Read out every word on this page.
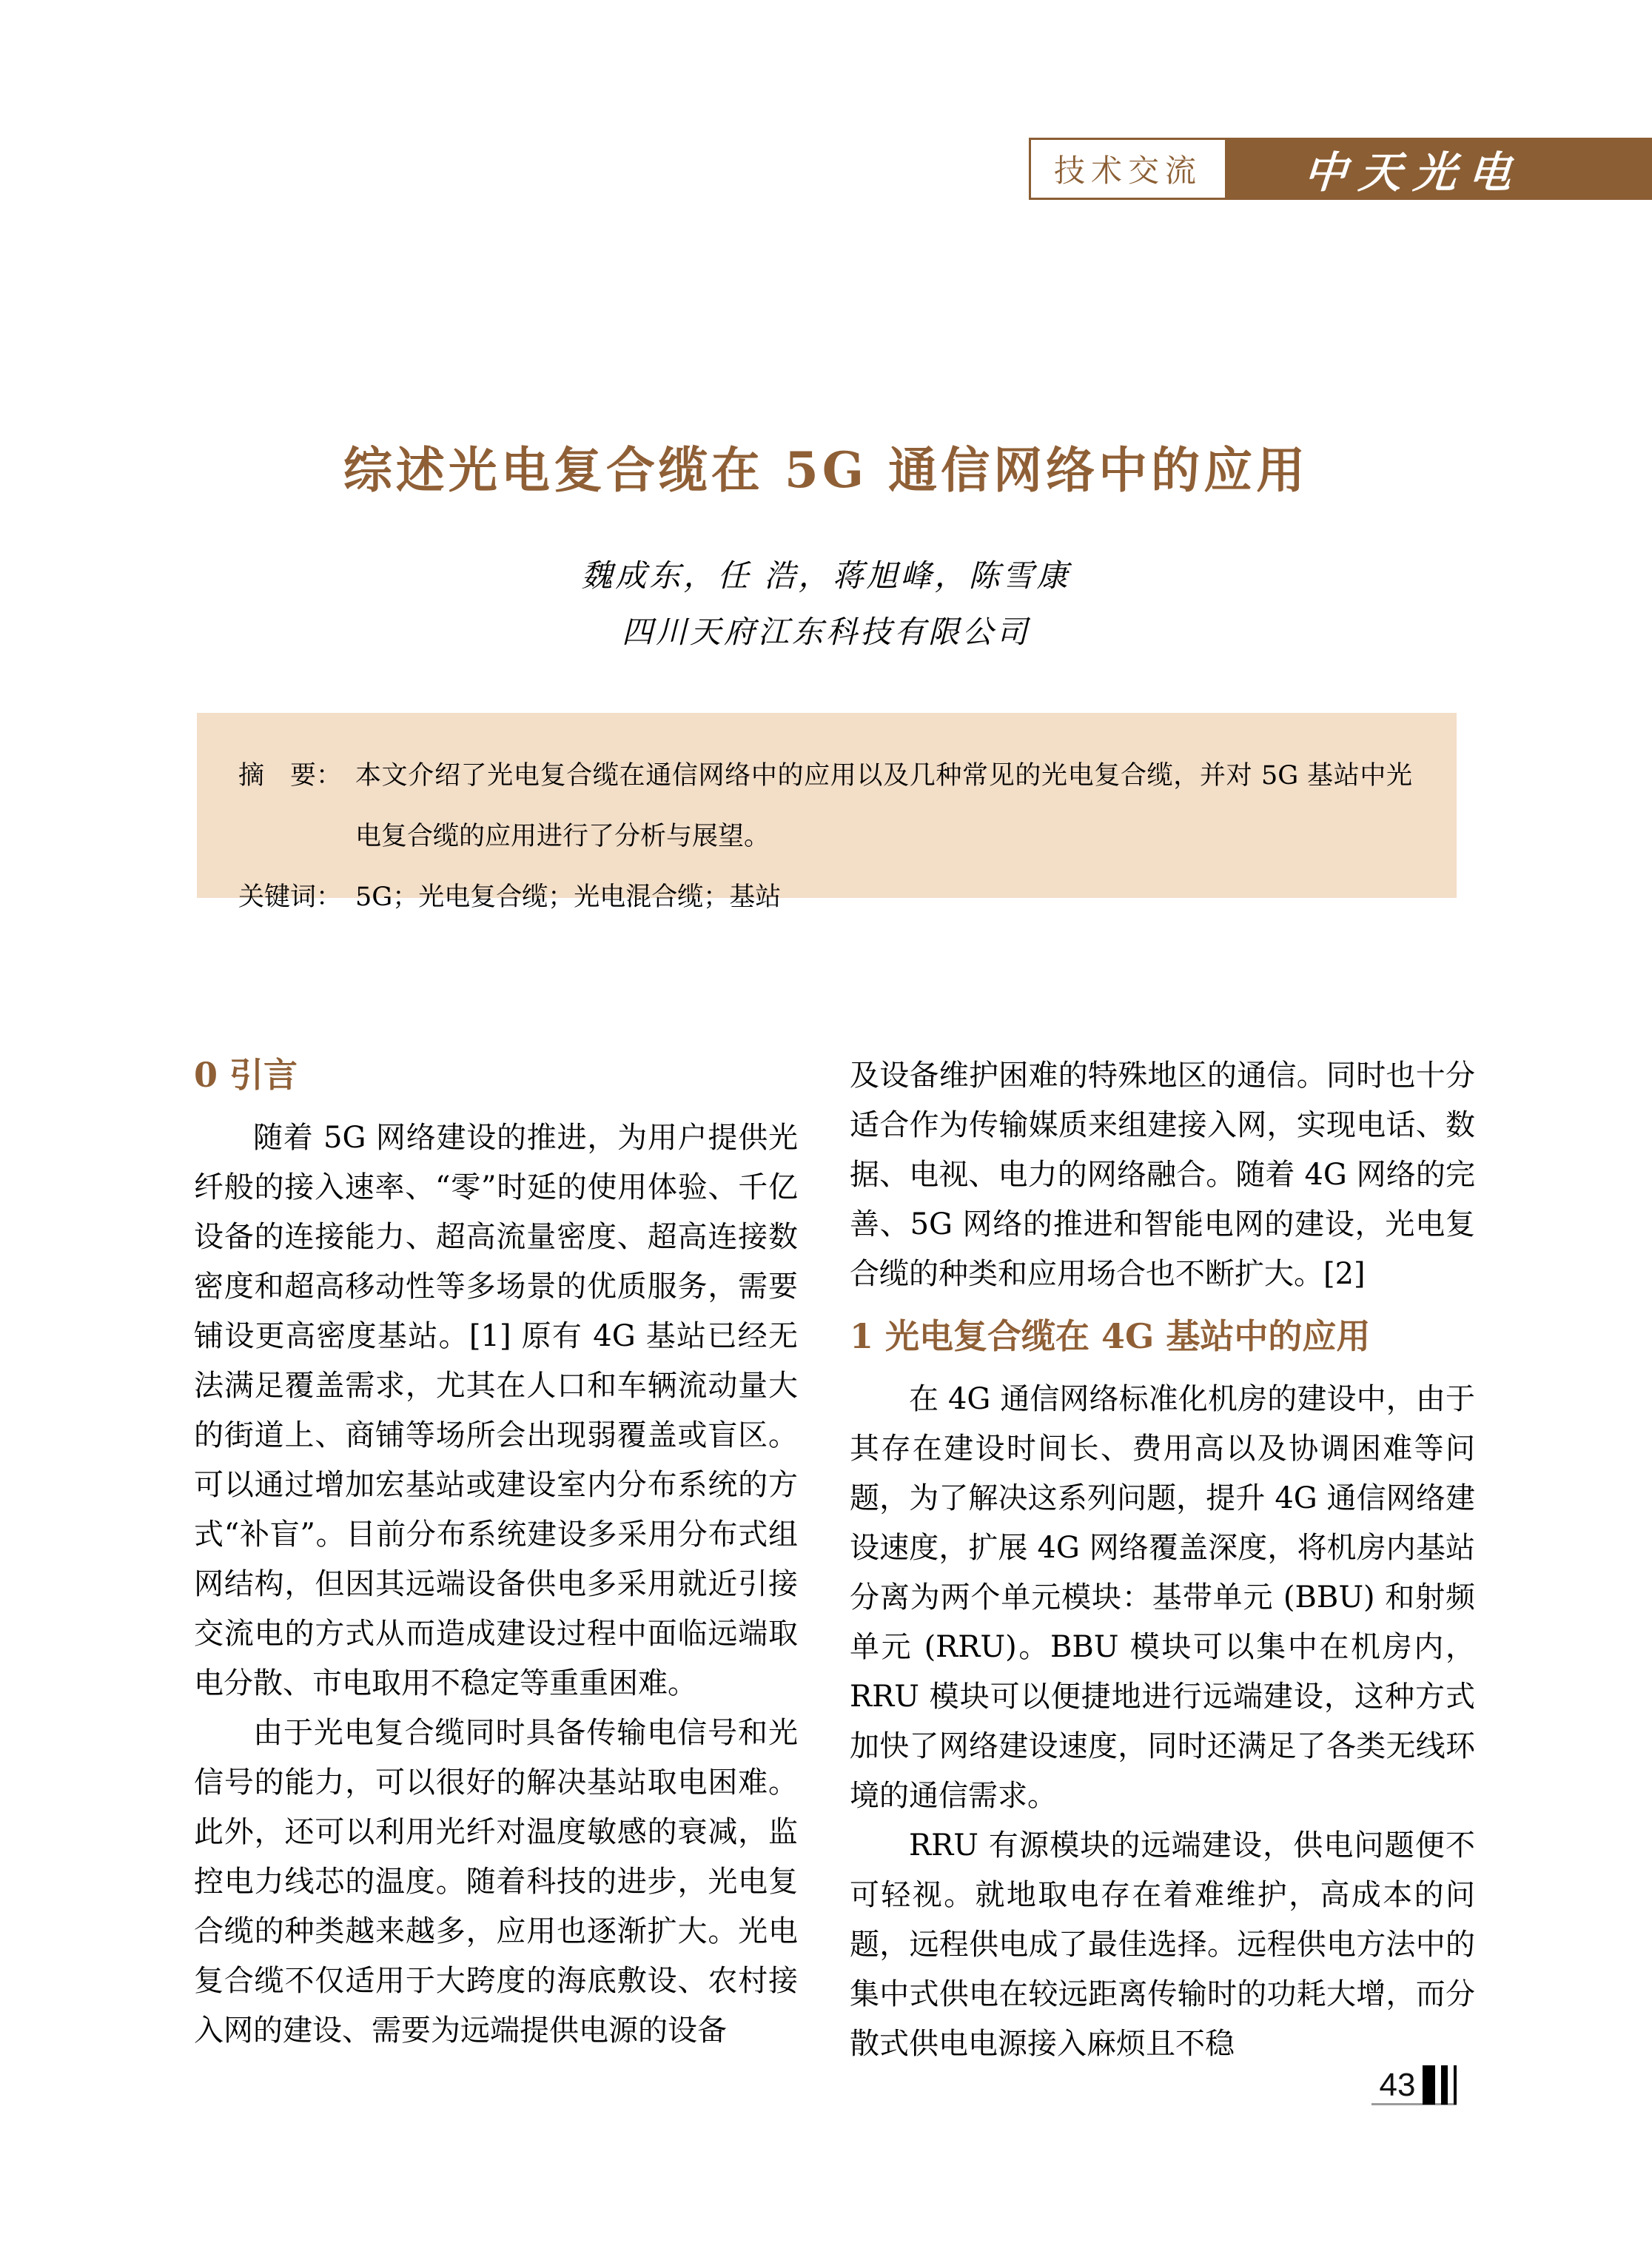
技术交流 中天光电
综述光电复合缆在 5G 通信网络中的应用
魏成东，任 浩，蒋旭峰，陈雪康
四川天府江东科技有限公司
摘　要： 本文介绍了光电复合缆在通信网络中的应用以及几种常见的光电复合缆，并对 5G 基站中光电复合缆的应用进行了分析与展望。
关键词： 5G；光电复合缆；光电混合缆；基站
0 引言

随着 5G 网络建设的推进，为用户提供光纤般的接入速率、“零”时延的使用体验、千亿设备的连接能力、超高流量密度、超高连接数密度和超高移动性等多场景的优质服务，需要铺设更高密度基站。[1] 原有 4G 基站已经无法满足覆盖需求，尤其在人口和车辆流动量大的街道上、商铺等场所会出现弱覆盖或盲区。可以通过增加宏基站或建设室内分布系统的方式“补盲”。目前分布系统建设多采用分布式组网结构，但因其远端设备供电多采用就近引接交流电的方式从而造成建设过程中面临远端取电分散、市电取用不稳定等重重困难。

由于光电复合缆同时具备传输电信号和光信号的能力，可以很好的解决基站取电困难。此外，还可以利用光纤对温度敏感的衰减，监控电力线芯的温度。随着科技的进步，光电复合缆的种类越来越多，应用也逐渐扩大。光电复合缆不仅适用于大跨度的海底敷设、农村接入网的建设、需要为远端提供电源的设备

及设备维护困难的特殊地区的通信。同时也十分适合作为传输媒质来组建接入网，实现电话、数据、电视、电力的网络融合。随着 4G 网络的完善、5G 网络的推进和智能电网的建设，光电复合缆的种类和应用场合也不断扩大。[2]

1 光电复合缆在 4G 基站中的应用

在 4G 通信网络标准化机房的建设中，由于其存在建设时间长、费用高以及协调困难等问题，为了解决这系列问题，提升 4G 通信网络建设速度，扩展 4G 网络覆盖深度，将机房内基站分离为两个单元模块：基带单元 (BBU) 和射频单元 (RRU)。BBU 模块可以集中在机房内，RRU 模块可以便捷地进行远端建设，这种方式加快了网络建设速度，同时还满足了各类无线环境的通信需求。

RRU 有源模块的远端建设，供电问题便不可轻视。就地取电存在着难维护，高成本的问题，远程供电成了最佳选择。远程供电方法中的集中式供电在较远距离传输时的功耗大增，而分散式供电电源接入麻烦且不稳

43
